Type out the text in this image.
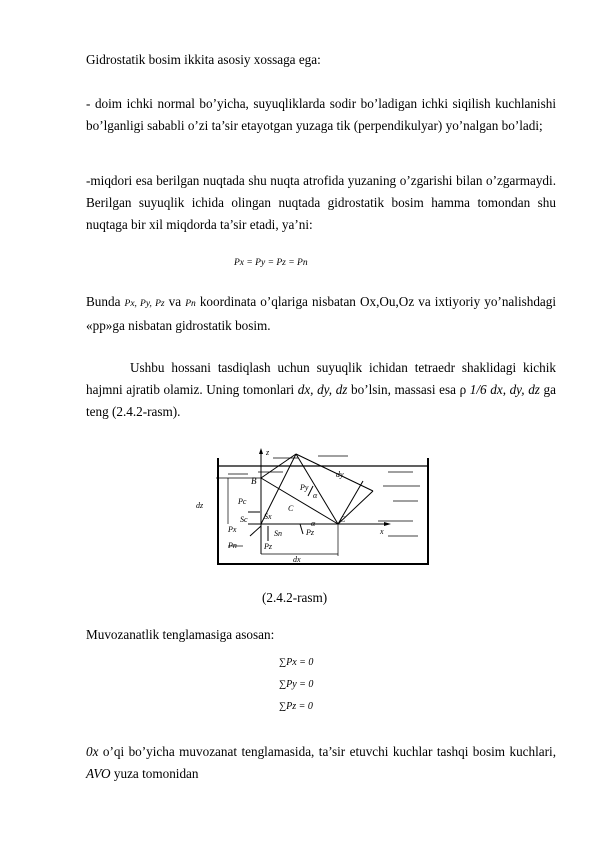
Gidrostatik bosim ikkita asosiy xossaga ega:

- doim ichki normal bo’yicha, suyuqliklarda sodir bo’ladigan ichki siqilish kuchlanishi bo’lganligi sababli o’zi ta’sir etayotgan yuzaga tik (perpendikulyar) yo’nalgan bo’ladi;

-miqdori esa berilgan nuqtada shu nuqta atrofida yuzaning o’zgarishi bilan o’zgarmaydi. Berilgan suyuqlik ichida olingan nuqtada gidrostatik bosim hamma tomondan shu nuqtaga bir xil miqdorda ta’sir etadi, ya’ni:

Px = Py = Pz = Pn

Bunda Px, Py, Pz va Pn koordinata o’qlariga nisbatan Ox,Ou,Oz va ixtiyoriy yo’nalishdagi «pp»ga nisbatan gidrostatik bosim.

Ushbu hossani tasdiqlash uchun suyuqlik ichidan tetraedr shaklidagi kichik hajmni ajratib olamiz. Uning tomonlari dx, dy, dz bo’lsin, massasi esa ρ 1/6 dx, dy, dz ga teng (2.4.2-rasm).

z
dy
B
Pc
Sc Sx
Px
Pn
Sn
Pz
Pz
Py
α
C
α	C
dz
dx
x
(2.4.2-rasm)

Muvozanatlik tenglamasiga asosan:

∑Px = 0
∑Py = 0
∑Pz = 0

0x o’qi bo’yicha muvozanat tenglamasida, ta’sir etuvchi kuchlar tashqi bosim kuchlari, AVO yuza tomonidan
